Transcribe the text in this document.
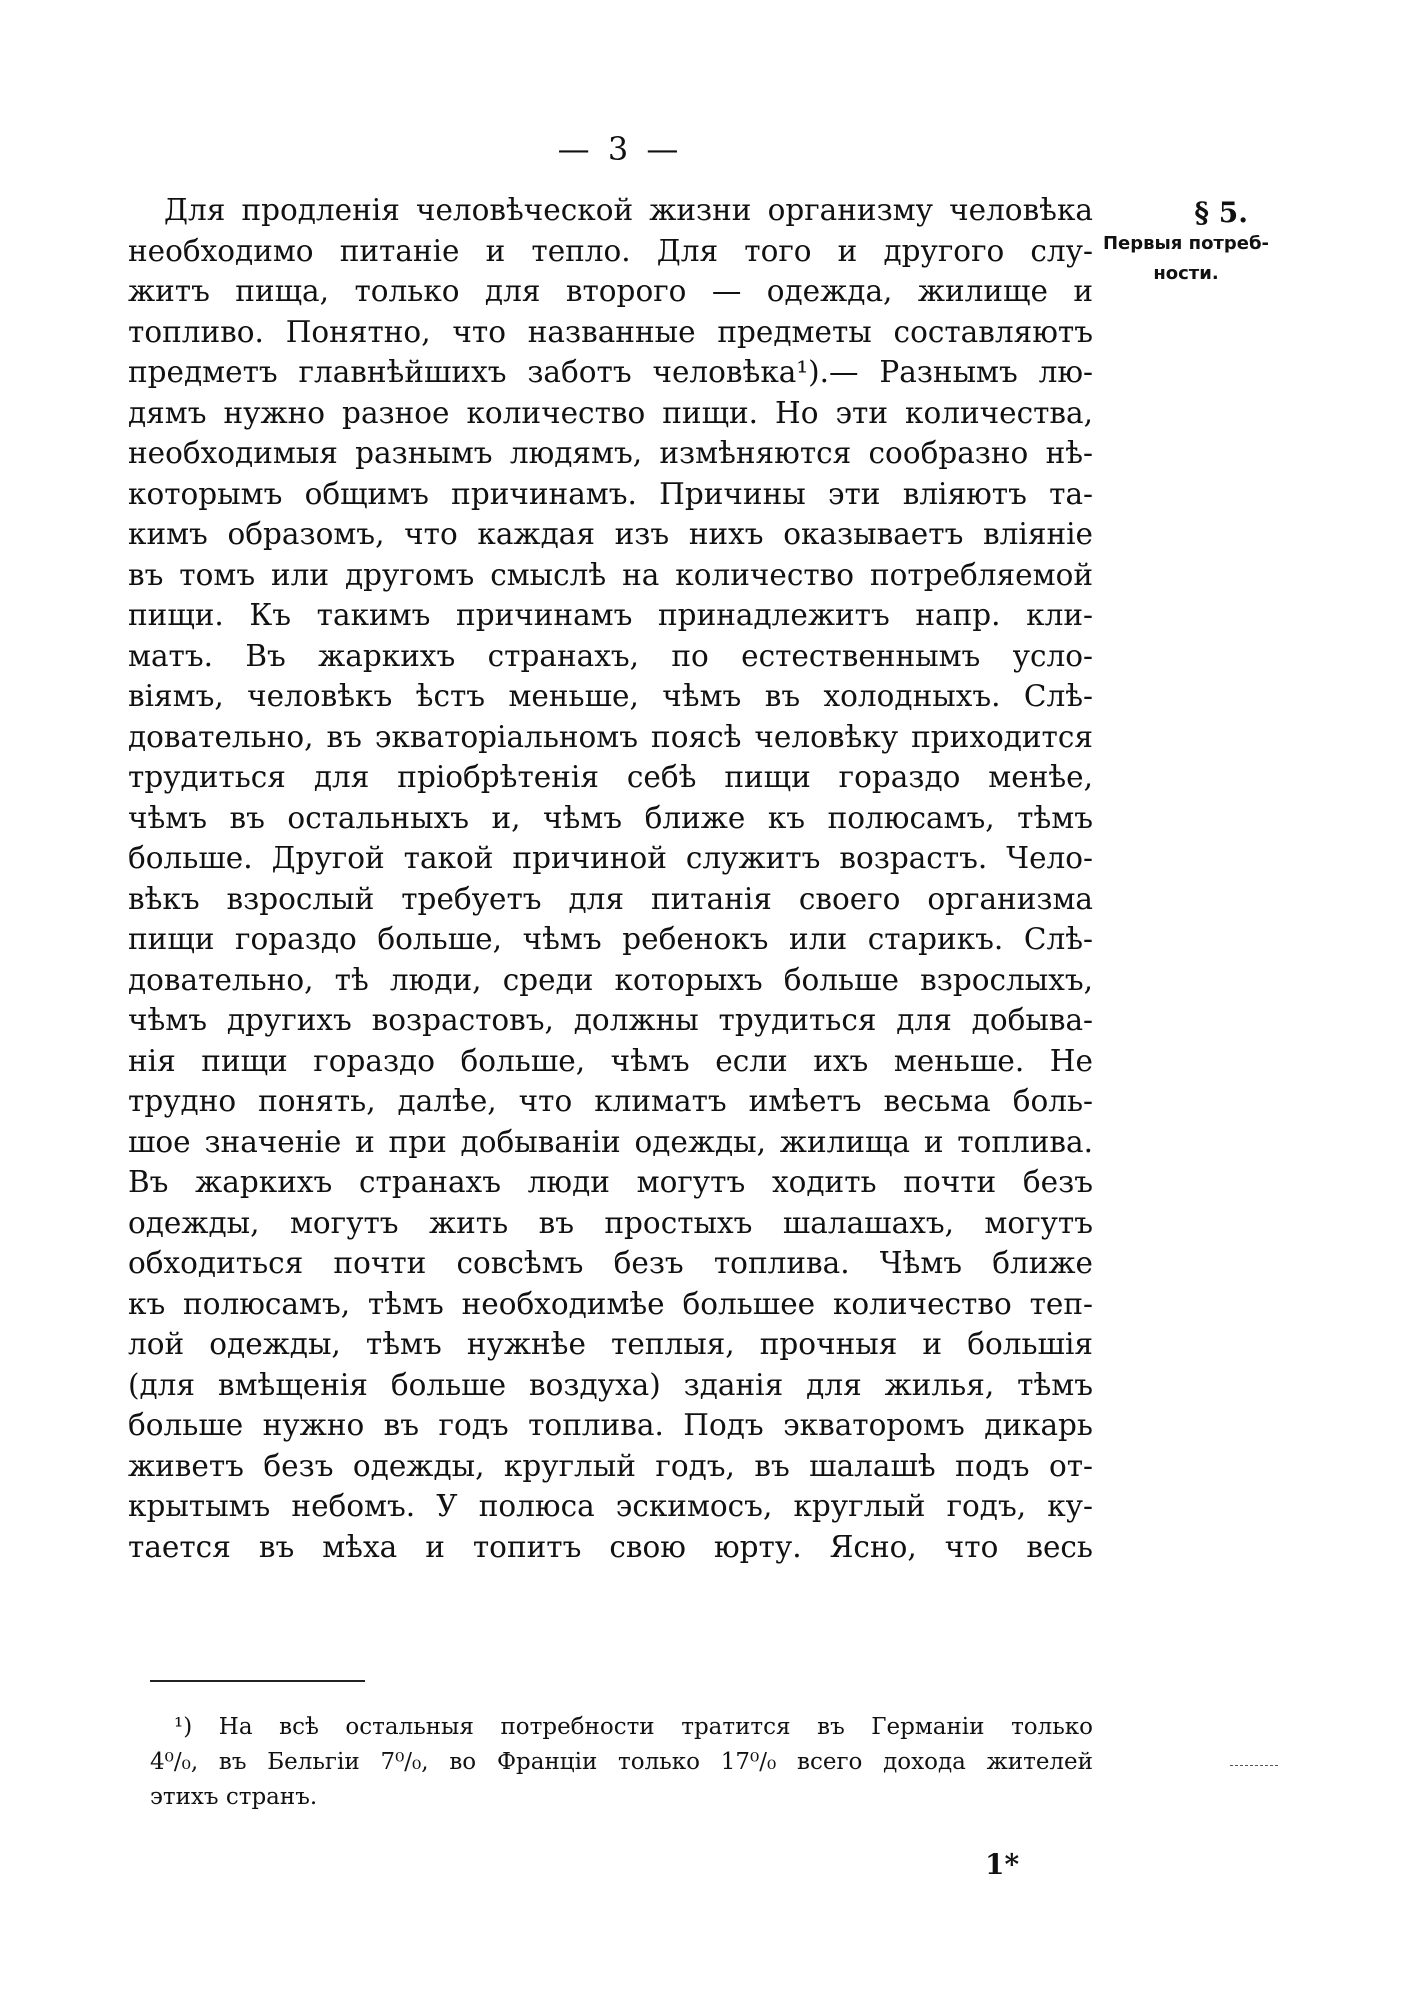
— 3 —
§ 5.
Первыя потреб-
ности.
Для продленія человѣческой жизни организму человѣка
необходимо питаніе и тепло. Для того и другого слу-
житъ пища, только для второго — одежда, жилище и
топливо. Понятно, что названные предметы составляютъ
предметъ главнѣйшихъ заботъ человѣка¹).— Разнымъ лю-
дямъ нужно разное количество пищи. Но эти количества,
необходимыя разнымъ людямъ, измѣняются сообразно нѣ-
которымъ общимъ причинамъ. Причины эти вліяютъ та-
кимъ образомъ, что каждая изъ нихъ оказываетъ вліяніе
въ томъ или другомъ смыслѣ на количество потребляемой
пищи. Къ такимъ причинамъ принадлежитъ напр. кли-
матъ. Въ жаркихъ странахъ, по естественнымъ усло-
віямъ, человѣкъ ѣстъ меньше, чѣмъ въ холодныхъ. Слѣ-
довательно, въ экваторіальномъ поясѣ человѣку приходится
трудиться для пріобрѣтенія себѣ пищи гораздо менѣе,
чѣмъ въ остальныхъ и, чѣмъ ближе къ полюсамъ, тѣмъ
больше. Другой такой причиной служитъ возрастъ. Чело-
вѣкъ взрослый требуетъ для питанія своего организма
пищи гораздо больше, чѣмъ ребенокъ или старикъ. Слѣ-
довательно, тѣ люди, среди которыхъ больше взрослыхъ,
чѣмъ другихъ возрастовъ, должны трудиться для добыва-
нія пищи гораздо больше, чѣмъ если ихъ меньше. Не
трудно понять, далѣе, что климатъ имѣетъ весьма боль-
шое значеніе и при добываніи одежды, жилища и топлива.
Въ жаркихъ странахъ люди могутъ ходить почти безъ
одежды, могутъ жить въ простыхъ шалашахъ, могутъ
обходиться почти совсѣмъ безъ топлива. Чѣмъ ближе
къ полюсамъ, тѣмъ необходимѣе большее количество теп-
лой одежды, тѣмъ нужнѣе теплыя, прочныя и большія
(для вмѣщенія больше воздуха) зданія для жилья, тѣмъ
больше нужно въ годъ топлива. Подъ экваторомъ дикарь
живетъ безъ одежды, круглый годъ, въ шалашѣ подъ от-
крытымъ небомъ. У полюса эскимосъ, круглый годъ, ку-
тается въ мѣха и топитъ свою юрту. Ясно, что весь
¹) На всѣ остальныя потребности тратится въ Германіи только
4⁰/₀, въ Бельгіи 7⁰/₀, во Франціи только 17⁰/₀ всего дохода жителей
этихъ странъ.
1*
